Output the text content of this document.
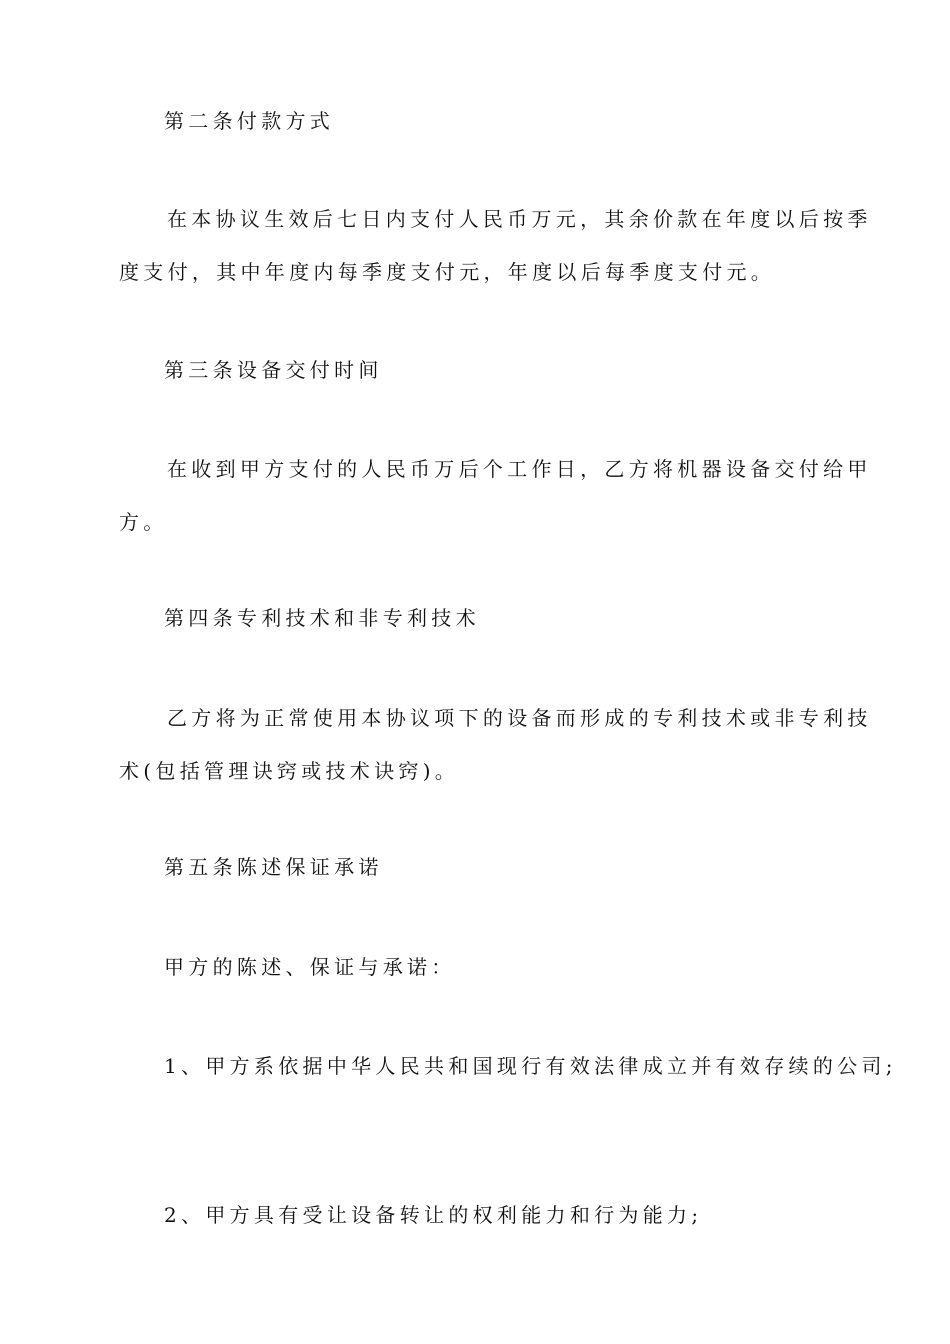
第二条付款方式
在本协议生效后七日内支付人民币万元，其余价款在年度以后按季
度支付，其中年度内每季度支付元，年度以后每季度支付元。
第三条设备交付时间
在收到甲方支付的人民币万后个工作日，乙方将机器设备交付给甲
方。
第四条专利技术和非专利技术
乙方将为正常使用本协议项下的设备而形成的专利技术或非专利技
术(包括管理诀窍或技术诀窍)。
第五条陈述保证承诺
甲方的陈述、保证与承诺：
1、甲方系依据中华人民共和国现行有效法律成立并有效存续的公司;
2、甲方具有受让设备转让的权利能力和行为能力;
